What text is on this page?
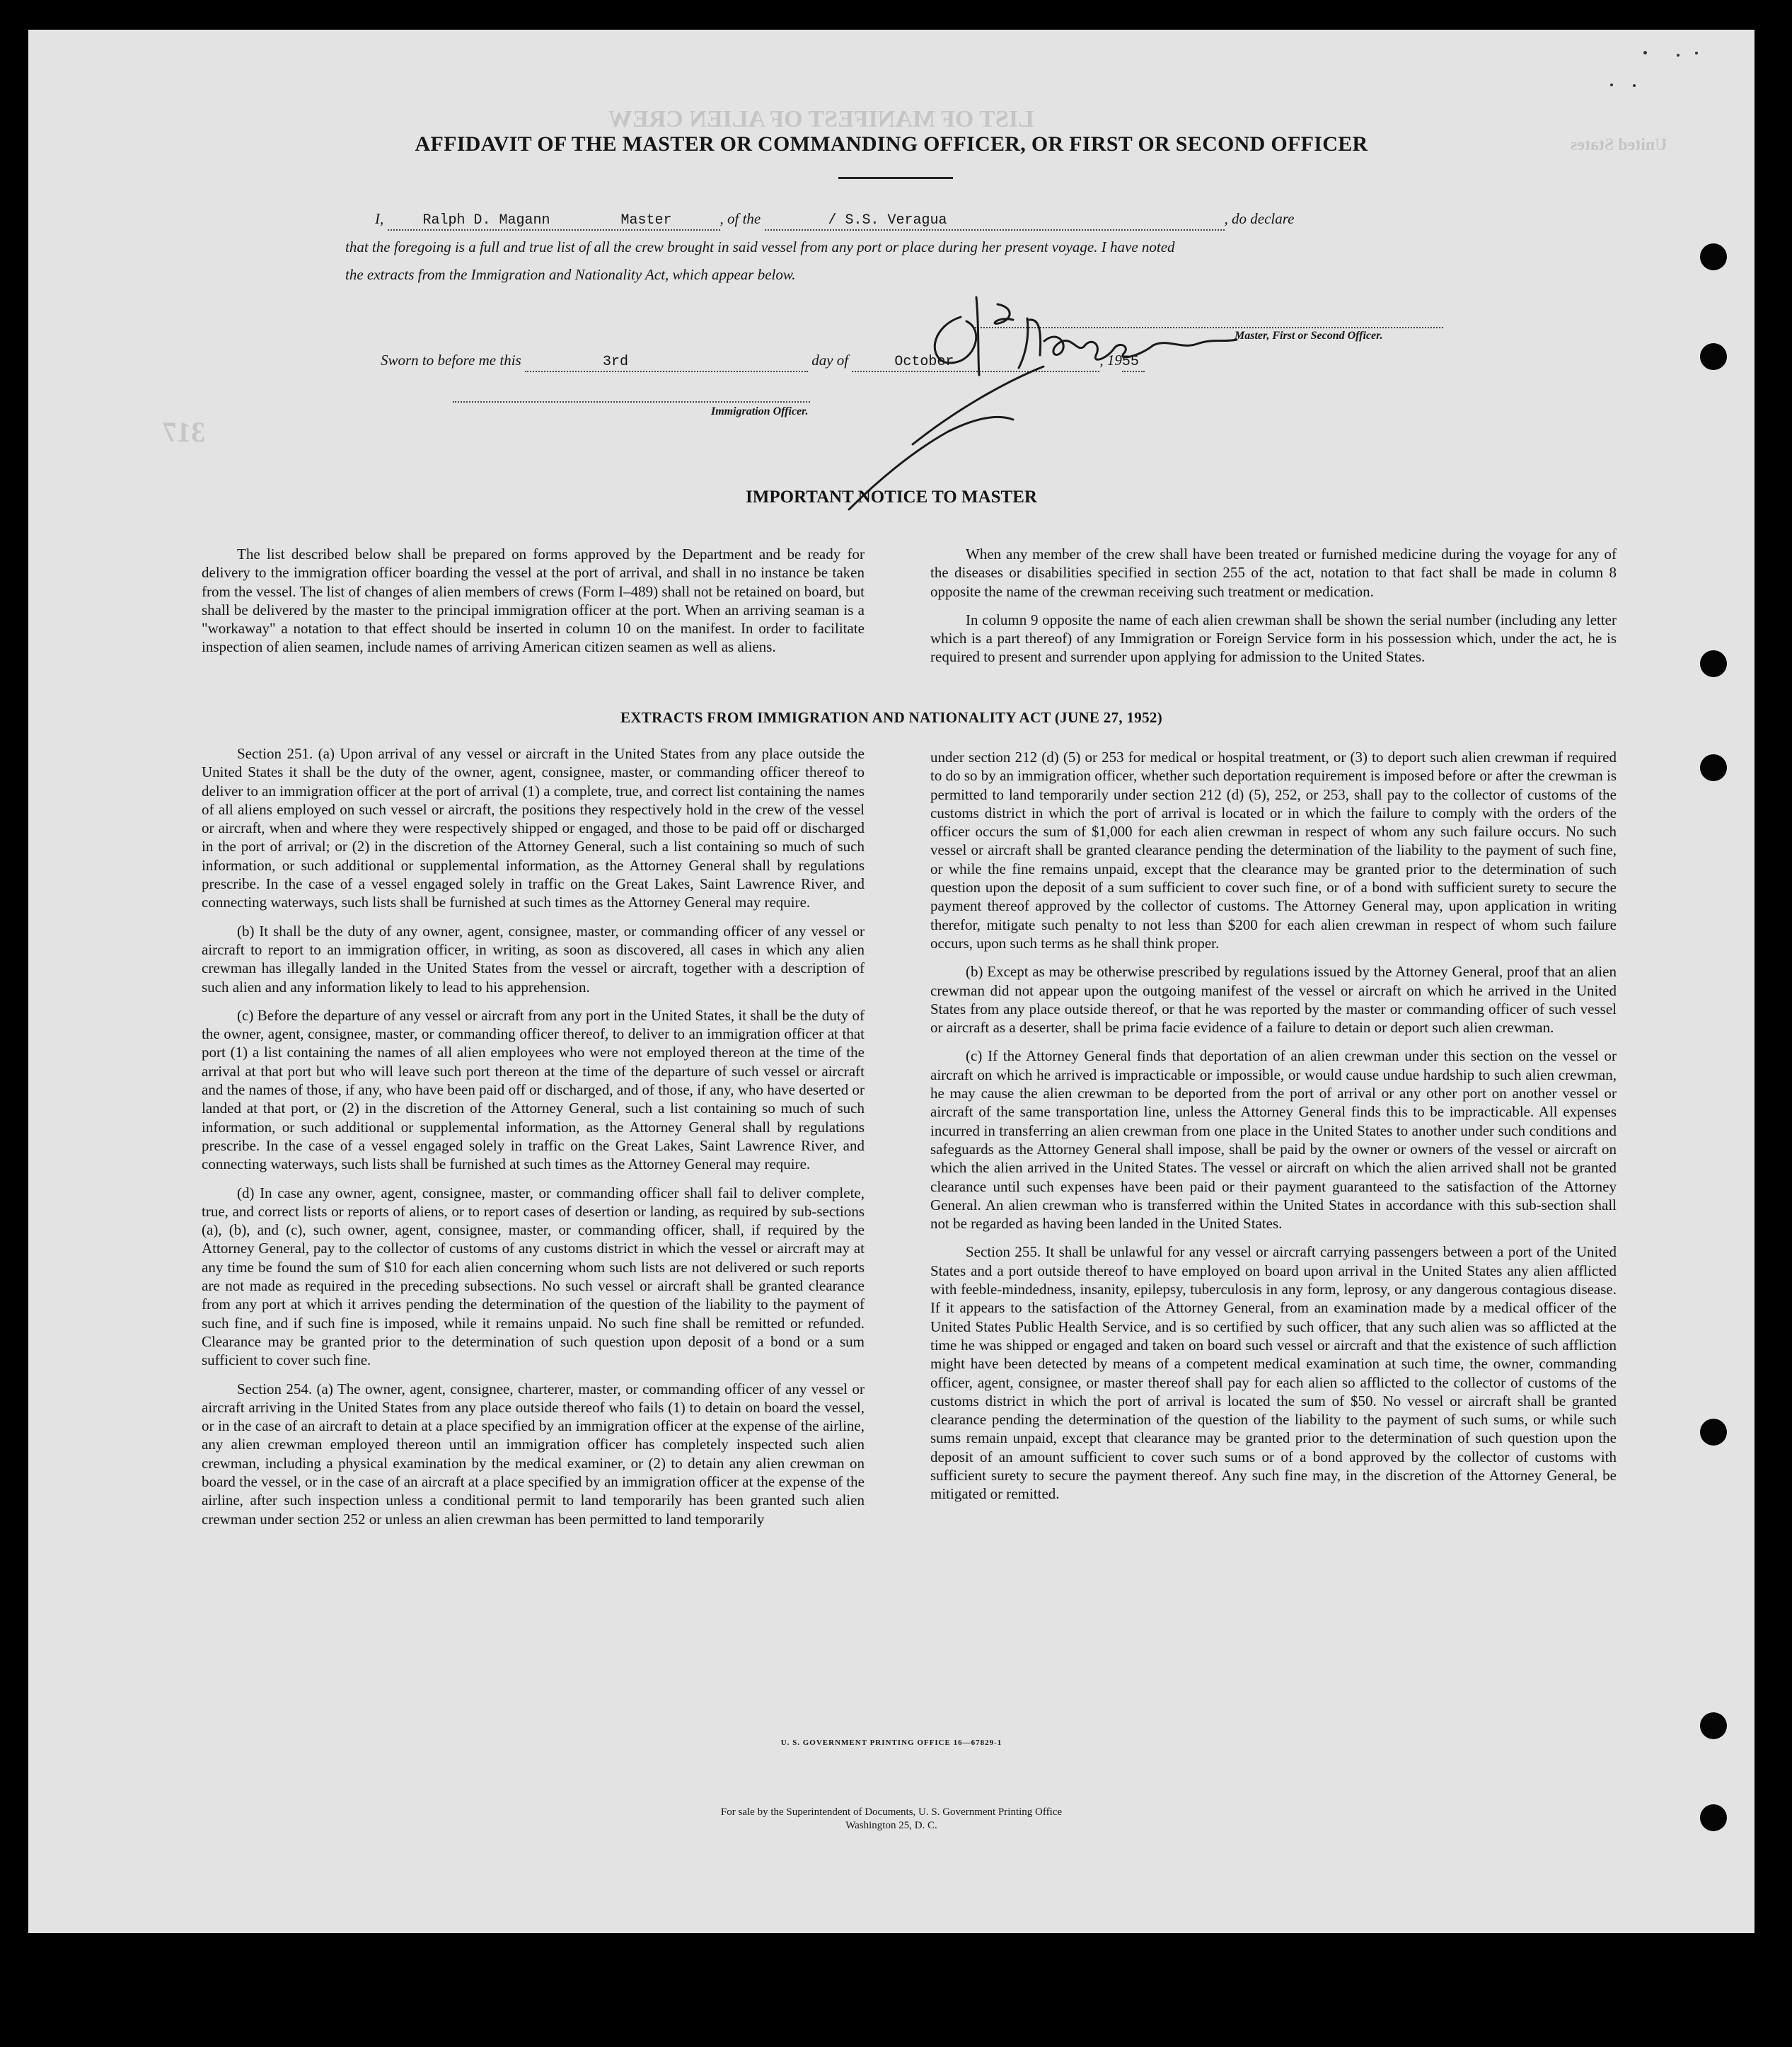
LIST OF MANIFEST OF ALIEN CREW
United States
317
AFFIDAVIT OF THE MASTER OR COMMANDING OFFICER, OR FIRST OR SECOND OFFICER
I,	Ralph D. Magann	Master	, of the	/ S.S. Veragua	, do declare
that the foregoing is a full and true list of all the crew brought in said vessel from any port or place during her present voyage. I have noted
the extracts from the Immigration and Nationality Act, which appear below.
Master, First or Second Officer.
Sworn to before me this	3rd	day of	October	, 1955
Immigration Officer.
IMPORTANT NOTICE TO MASTER

The list described below shall be prepared on forms approved by the Department and be ready for delivery to the immigration officer boarding the vessel at the port of arrival, and shall in no instance be taken from the vessel. The list of changes of alien members of crews (Form I–489) shall not be retained on board, but shall be delivered by the master to the principal immigration officer at the port. When an arriving seaman is a "workaway" a notation to that effect should be inserted in column 10 on the manifest. In order to facilitate inspection of alien seamen, include names of arriving American citizen seamen as well as aliens.

When any member of the crew shall have been treated or furnished medicine during the voyage for any of the diseases or disabilities specified in section 255 of the act, notation to that fact shall be made in column 8 opposite the name of the crewman receiving such treatment or medication.

In column 9 opposite the name of each alien crewman shall be shown the serial number (including any letter which is a part thereof) of any Immigration or Foreign Service form in his possession which, under the act, he is required to present and surrender upon applying for admission to the United States.

EXTRACTS FROM IMMIGRATION AND NATIONALITY ACT (JUNE 27, 1952)

Section 251. (a) Upon arrival of any vessel or aircraft in the United States from any place outside the United States it shall be the duty of the owner, agent, consignee, master, or commanding officer thereof to deliver to an immigration officer at the port of arrival (1) a complete, true, and correct list containing the names of all aliens employed on such vessel or aircraft, the positions they respectively hold in the crew of the vessel or aircraft, when and where they were respectively shipped or engaged, and those to be paid off or discharged in the port of arrival; or (2) in the discretion of the Attorney General, such a list containing so much of such information, or such additional or supplemental information, as the Attorney General shall by regulations prescribe. In the case of a vessel engaged solely in traffic on the Great Lakes, Saint Lawrence River, and connecting waterways, such lists shall be furnished at such times as the Attorney General may require.

(b) It shall be the duty of any owner, agent, consignee, master, or commanding officer of any vessel or aircraft to report to an immigration officer, in writing, as soon as discovered, all cases in which any alien crewman has illegally landed in the United States from the vessel or aircraft, together with a description of such alien and any information likely to lead to his apprehension.

(c) Before the departure of any vessel or aircraft from any port in the United States, it shall be the duty of the owner, agent, consignee, master, or commanding officer thereof, to deliver to an immigration officer at that port (1) a list containing the names of all alien employees who were not employed thereon at the time of the arrival at that port but who will leave such port thereon at the time of the departure of such vessel or aircraft and the names of those, if any, who have been paid off or discharged, and of those, if any, who have deserted or landed at that port, or (2) in the discretion of the Attorney General, such a list containing so much of such information, or such additional or supplemental information, as the Attorney General shall by regulations prescribe. In the case of a vessel engaged solely in traffic on the Great Lakes, Saint Lawrence River, and connecting waterways, such lists shall be furnished at such times as the Attorney General may require.

(d) In case any owner, agent, consignee, master, or commanding officer shall fail to deliver complete, true, and correct lists or reports of aliens, or to report cases of desertion or landing, as required by sub-sections (a), (b), and (c), such owner, agent, consignee, master, or commanding officer, shall, if required by the Attorney General, pay to the collector of customs of any customs district in which the vessel or aircraft may at any time be found the sum of $10 for each alien concerning whom such lists are not delivered or such reports are not made as required in the preceding subsections. No such vessel or aircraft shall be granted clearance from any port at which it arrives pending the determination of the question of the liability to the payment of such fine, and if such fine is imposed, while it remains unpaid. No such fine shall be remitted or refunded. Clearance may be granted prior to the determination of such question upon deposit of a bond or a sum sufficient to cover such fine.

Section 254. (a) The owner, agent, consignee, charterer, master, or commanding officer of any vessel or aircraft arriving in the United States from any place outside thereof who fails (1) to detain on board the vessel, or in the case of an aircraft to detain at a place specified by an immigration officer at the expense of the airline, any alien crewman employed thereon until an immigration officer has completely inspected such alien crewman, including a physical examination by the medical examiner, or (2) to detain any alien crewman on board the vessel, or in the case of an aircraft at a place specified by an immigration officer at the expense of the airline, after such inspection unless a conditional permit to land temporarily has been granted such alien crewman under section 252 or unless an alien crewman has been permitted to land temporarily

under section 212 (d) (5) or 253 for medical or hospital treatment, or (3) to deport such alien crewman if required to do so by an immigration officer, whether such deportation requirement is imposed before or after the crewman is permitted to land temporarily under section 212 (d) (5), 252, or 253, shall pay to the collector of customs of the customs district in which the port of arrival is located or in which the failure to comply with the orders of the officer occurs the sum of $1,000 for each alien crewman in respect of whom any such failure occurs. No such vessel or aircraft shall be granted clearance pending the determination of the liability to the payment of such fine, or while the fine remains unpaid, except that the clearance may be granted prior to the determination of such question upon the deposit of a sum sufficient to cover such fine, or of a bond with sufficient surety to secure the payment thereof approved by the collector of customs. The Attorney General may, upon application in writing therefor, mitigate such penalty to not less than $200 for each alien crewman in respect of whom such failure occurs, upon such terms as he shall think proper.

(b) Except as may be otherwise prescribed by regulations issued by the Attorney General, proof that an alien crewman did not appear upon the outgoing manifest of the vessel or aircraft on which he arrived in the United States from any place outside thereof, or that he was reported by the master or commanding officer of such vessel or aircraft as a deserter, shall be prima facie evidence of a failure to detain or deport such alien crewman.

(c) If the Attorney General finds that deportation of an alien crewman under this section on the vessel or aircraft on which he arrived is impracticable or impossible, or would cause undue hardship to such alien crewman, he may cause the alien crewman to be deported from the port of arrival or any other port on another vessel or aircraft of the same transportation line, unless the Attorney General finds this to be impracticable. All expenses incurred in transferring an alien crewman from one place in the United States to another under such conditions and safeguards as the Attorney General shall impose, shall be paid by the owner or owners of the vessel or aircraft on which the alien arrived in the United States. The vessel or aircraft on which the alien arrived shall not be granted clearance until such expenses have been paid or their payment guaranteed to the satisfaction of the Attorney General. An alien crewman who is transferred within the United States in accordance with this sub-section shall not be regarded as having been landed in the United States.

Section 255. It shall be unlawful for any vessel or aircraft carrying passengers between a port of the United States and a port outside thereof to have employed on board upon arrival in the United States any alien afflicted with feeble-mindedness, insanity, epilepsy, tuberculosis in any form, leprosy, or any dangerous contagious disease. If it appears to the satisfaction of the Attorney General, from an examination made by a medical officer of the United States Public Health Service, and is so certified by such officer, that any such alien was so afflicted at the time he was shipped or engaged and taken on board such vessel or aircraft and that the existence of such affliction might have been detected by means of a competent medical examination at such time, the owner, commanding officer, agent, consignee, or master thereof shall pay for each alien so afflicted to the collector of customs of the customs district in which the port of arrival is located the sum of $50. No vessel or aircraft shall be granted clearance pending the determination of the question of the liability to the payment of such sums, or while such sums remain unpaid, except that clearance may be granted prior to the determination of such question upon the deposit of an amount sufficient to cover such sums or of a bond approved by the collector of customs with sufficient surety to secure the payment thereof. Any such fine may, in the discretion of the Attorney General, be mitigated or remitted.

U. S. GOVERNMENT PRINTING OFFICE 16—67829-1
For sale by the Superintendent of Documents, U. S. Government Printing Office
Washington 25, D. C.
